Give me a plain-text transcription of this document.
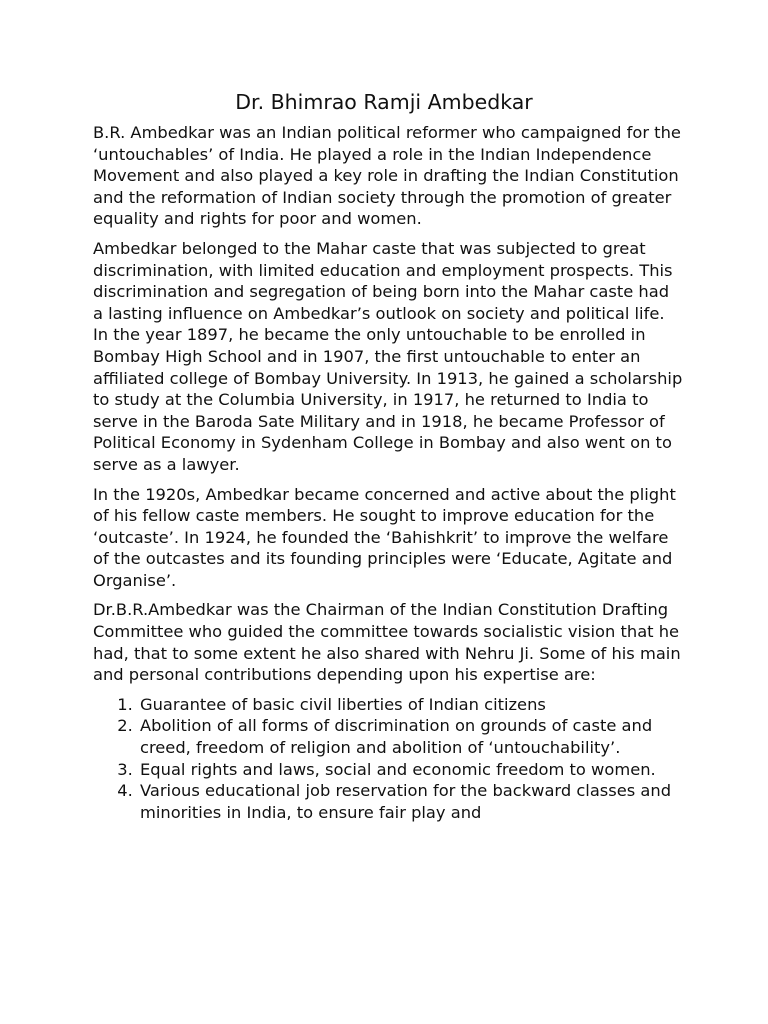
Dr. Bhimrao Ramji Ambedkar

B.R. Ambedkar was an Indian political reformer who campaigned for the ‘untouchables’ of India. He played a role in the Indian Independence Movement and also played a key role in drafting the Indian Constitution and the reformation of Indian society through the promotion of greater equality and rights for poor and women.

Ambedkar belonged to the Mahar caste that was subjected to great discrimination, with limited education and employment prospects. This discrimination and segregation of being born into the Mahar caste had a lasting influence on Ambedkar’s outlook on society and political life. In the year 1897, he became the only untouchable to be enrolled in Bombay High School and in 1907, the first untouchable to enter an affiliated college of Bombay University. In 1913, he gained a scholarship to study at the Columbia University, in 1917, he returned to India to serve in the Baroda Sate Military and in 1918, he became Professor of Political Economy in Sydenham College in Bombay and also went on to serve as a lawyer.

In the 1920s, Ambedkar became concerned and active about the plight of his fellow caste members. He sought to improve education for the ‘outcaste’. In 1924, he founded the ‘Bahishkrit’ to improve the welfare of the outcastes and its founding principles were ‘Educate, Agitate and Organise’.

Dr.B.R.Ambedkar was the Chairman of the Indian Constitution Drafting Committee who guided the committee towards socialistic vision that he had, that to some extent he also shared with Nehru Ji. Some of his main and personal contributions depending upon his expertise are:

1. Guarantee of basic civil liberties of Indian citizens
2. Abolition of all forms of discrimination on grounds of caste and creed, freedom of religion and abolition of ‘untouchability’.
3. Equal rights and laws, social and economic freedom to women.
4. Various educational job reservation for the backward classes and minorities in India, to ensure fair play and
